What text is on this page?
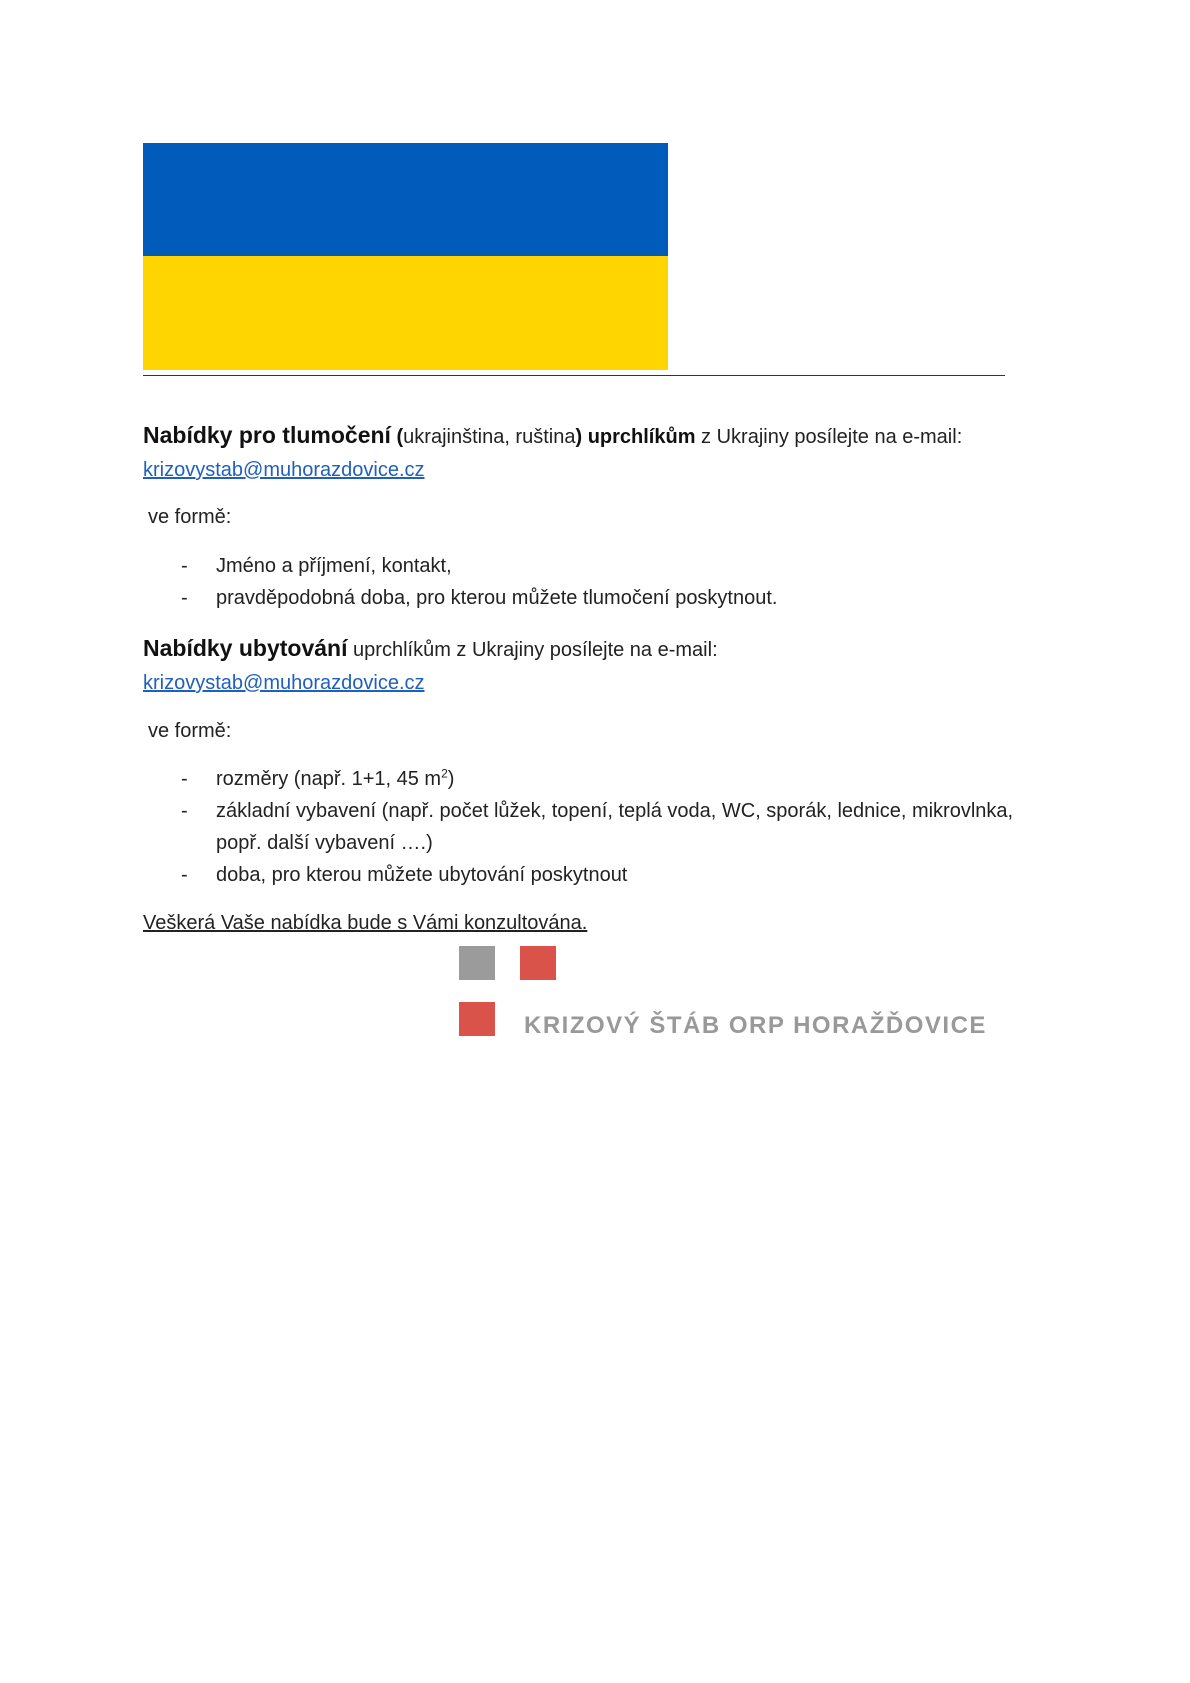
Nabídky pro tlumočení (ukrajinština, ruština) uprchlíkům z Ukrajiny posílejte na e-mail:
krizovystab@muhorazdovice.cz
ve formě:
- Jméno a příjmení, kontakt,
- pravděpodobná doba, pro kterou můžete tlumočení poskytnout.
Nabídky ubytování uprchlíkům z Ukrajiny posílejte na e-mail:
krizovystab@muhorazdovice.cz
ve formě:
- rozměry (např. 1+1, 45 $m^2$)
- základní vybavení (např. počet lůžek, topení, teplá voda, WC, sporák, lednice, mikrovlnka, popř. další vybavení ….)
- doba, pro kterou můžete ubytování poskytnout
Veškerá Vaše nabídka bude s Vámi konzultována.
KRIZOVÝ ŠTÁB ORP HORAŽĎOVICE
